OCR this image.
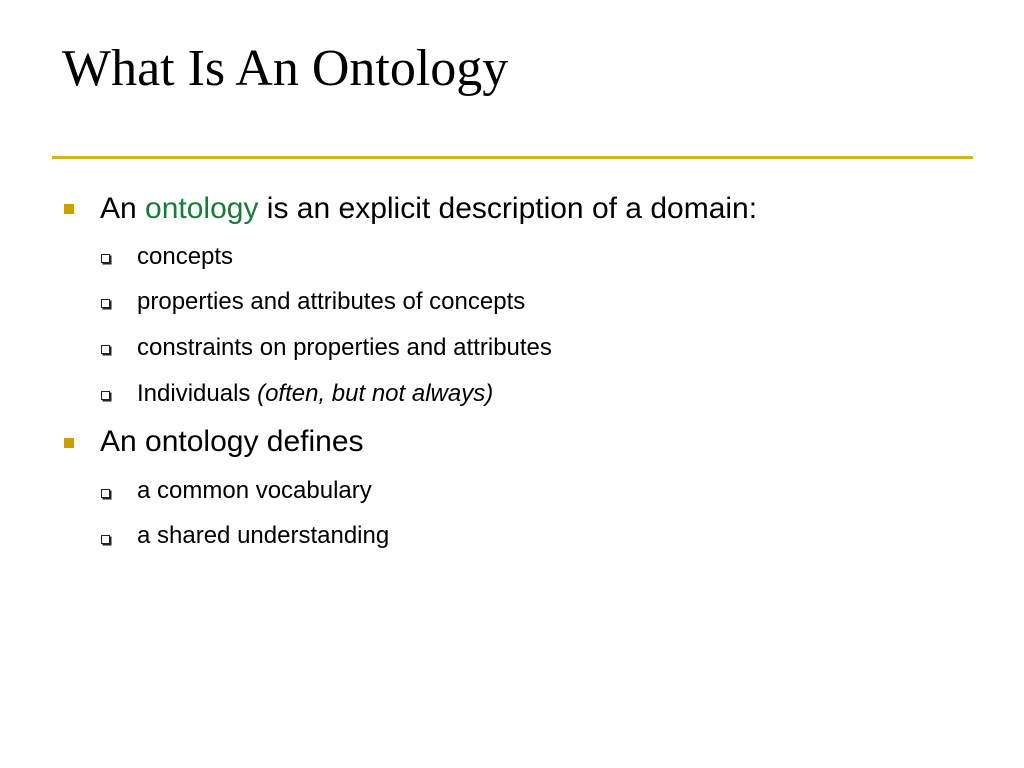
What Is An Ontology
An ontology is an explicit description of a domain:
concepts
properties and attributes of concepts
constraints on properties and attributes
Individuals (often, but not always)
An ontology defines
a common vocabulary
a shared understanding
